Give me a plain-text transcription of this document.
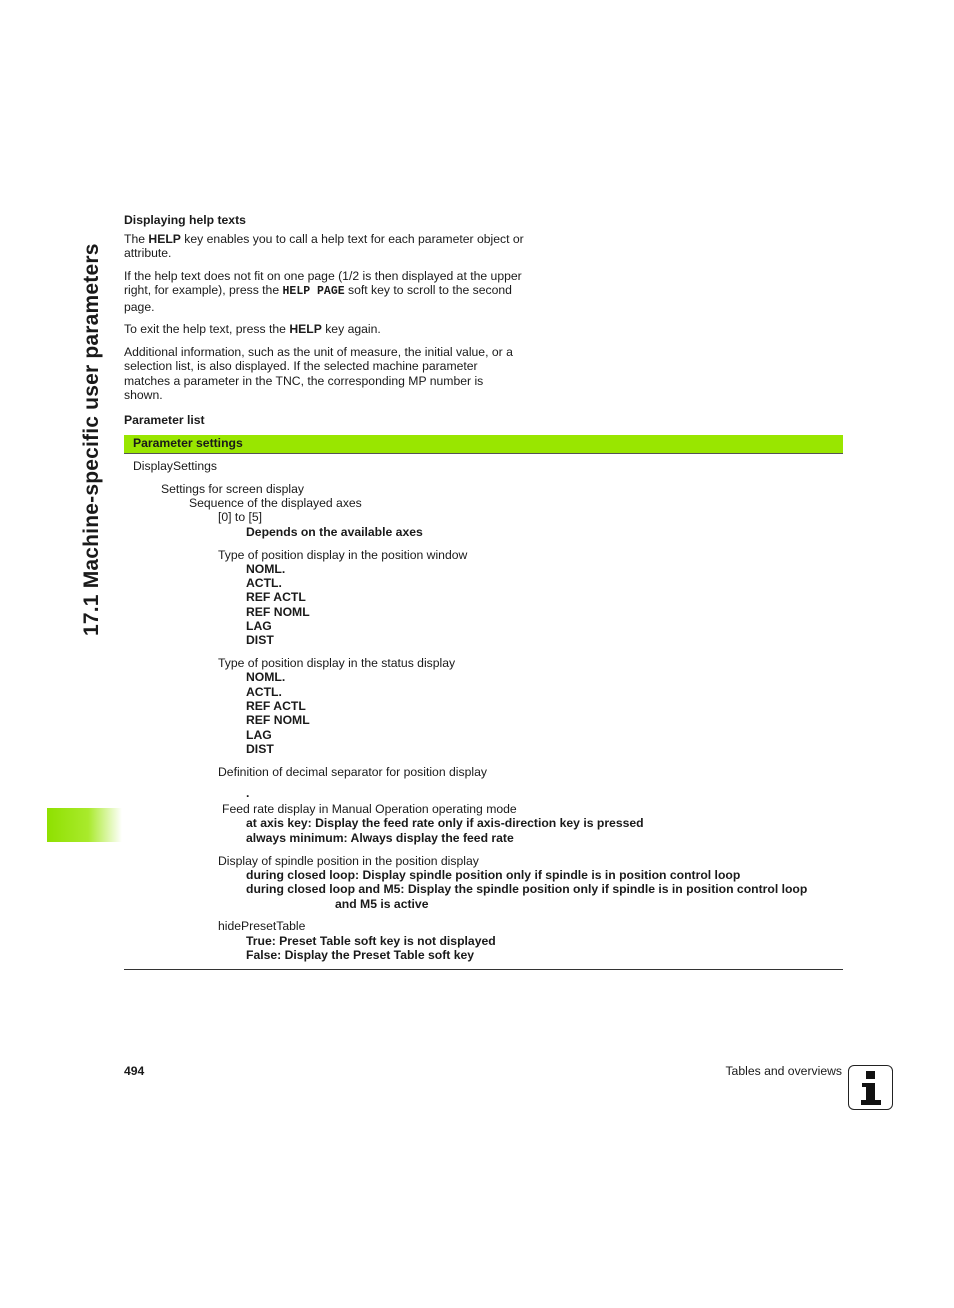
17.1 Machine-specific user parameters
Displaying help texts

The HELP key enables you to call a help text for each parameter object or attribute.

If the help text does not fit on one page (1/2 is then displayed at the upper right, for example), press the HELP PAGE soft key to scroll to the second page.

To exit the help text, press the HELP key again.

Additional information, such as the unit of measure, the initial value, or a selection list, is also displayed. If the selected machine parameter matches a parameter in the TNC, the corresponding MP number is shown.

Parameter list
Parameter settings
DisplaySettings
Settings for screen display
Sequence of the displayed axes
[0] to [5]
Depends on the available axes
Type of position display in the position window
NOML.
ACTL.
REF ACTL
REF NOML
LAG
DIST
Type of position display in the status display
NOML.
ACTL.
REF ACTL
REF NOML
LAG
DIST
Definition of decimal separator for position display
.
Feed rate display in Manual Operation operating mode
at axis key: Display the feed rate only if axis-direction key is pressed
always minimum: Always display the feed rate
Display of spindle position in the position display
during closed loop: Display spindle position only if spindle is in position control loop
during closed loop and M5: Display the spindle position only if spindle is in position control loop
and M5 is active
hidePresetTable
True: Preset Table soft key is not displayed
False: Display the Preset Table soft key
494	Tables and overviews
